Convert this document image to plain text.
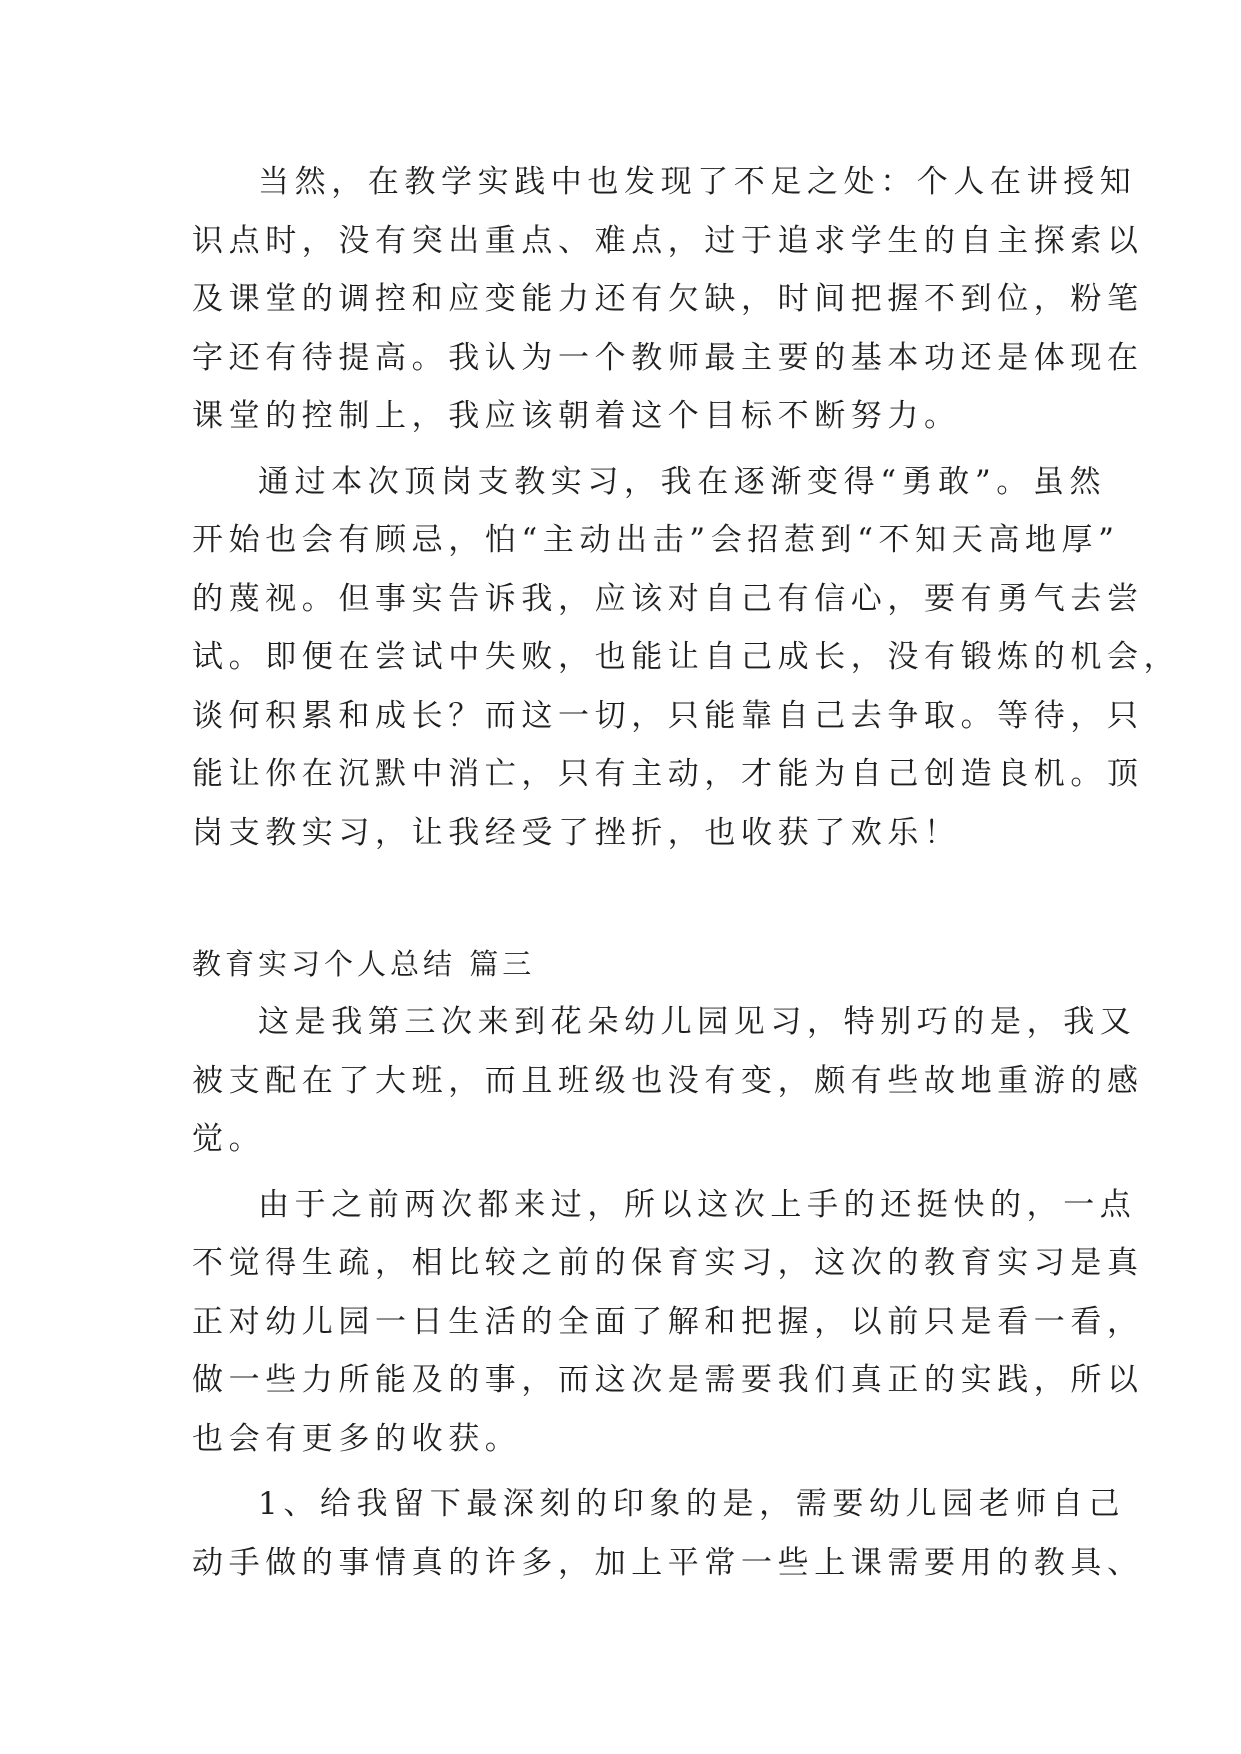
当然，在教学实践中也发现了不足之处：个人在讲授知
识点时，没有突出重点、难点，过于追求学生的自主探索以
及课堂的调控和应变能力还有欠缺，时间把握不到位，粉笔
字还有待提高。我认为一个教师最主要的基本功还是体现在
课堂的控制上，我应该朝着这个目标不断努力。
通过本次顶岗支教实习，我在逐渐变得“勇敢”。虽然
开始也会有顾忌，怕“主动出击”会招惹到“不知天高地厚”
的蔑视。但事实告诉我，应该对自己有信心，要有勇气去尝
试。即便在尝试中失败，也能让自己成长，没有锻炼的机会，
谈何积累和成长？而这一切，只能靠自己去争取。等待，只
能让你在沉默中消亡，只有主动，才能为自己创造良机。顶
岗支教实习，让我经受了挫折，也收获了欢乐！
教育实习个人总结 篇三
这是我第三次来到花朵幼儿园见习，特别巧的是，我又
被支配在了大班，而且班级也没有变，颇有些故地重游的感
觉。
由于之前两次都来过，所以这次上手的还挺快的，一点
不觉得生疏，相比较之前的保育实习，这次的教育实习是真
正对幼儿园一日生活的全面了解和把握，以前只是看一看，
做一些力所能及的事，而这次是需要我们真正的实践，所以
也会有更多的收获。
1、给我留下最深刻的印象的是，需要幼儿园老师自己
动手做的事情真的许多，加上平常一些上课需要用的教具、
